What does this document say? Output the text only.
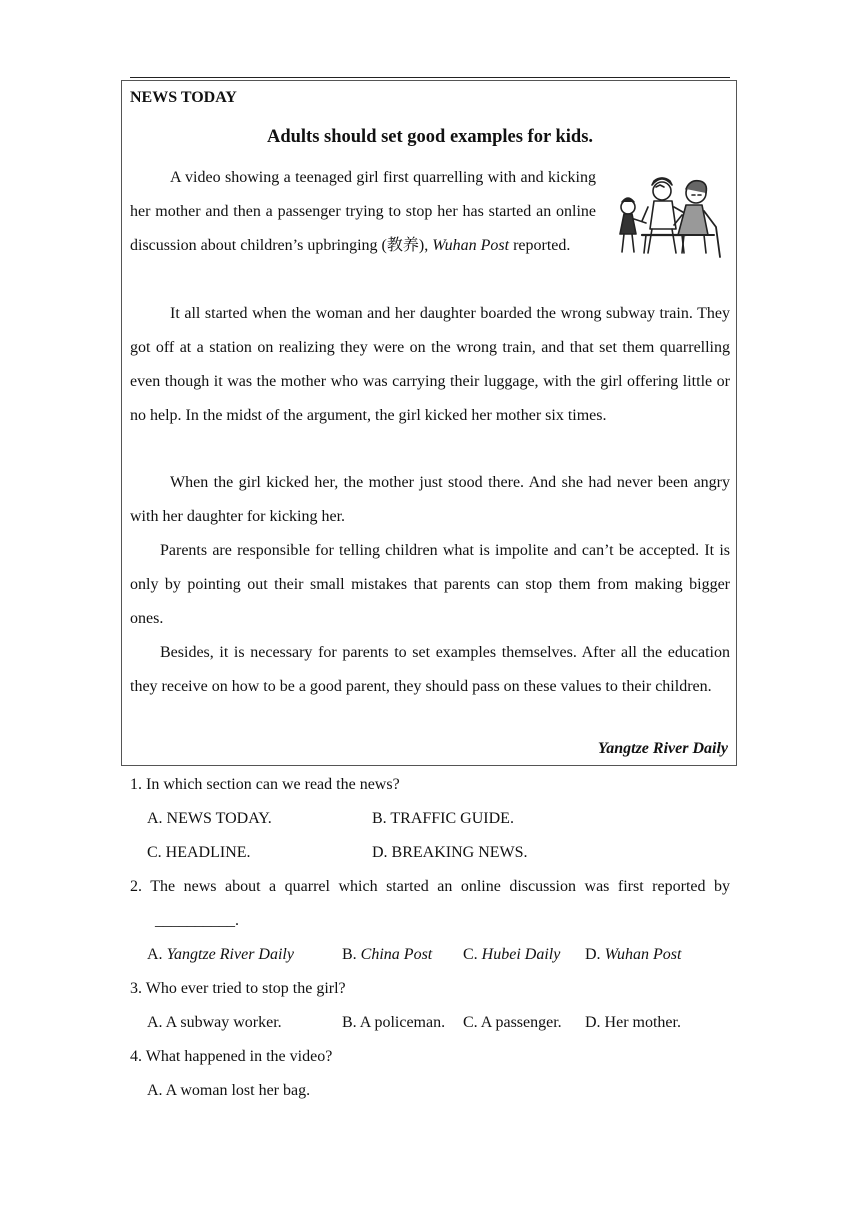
NEWS TODAY
Adults should set good examples for kids.

A video showing a teenaged girl first quarrelling with and kicking her mother and then a passenger trying to stop her has started an online discussion about children’s upbringing (教养), Wuhan Post reported.

It all started when the woman and her daughter boarded the wrong subway train. They got off at a station on realizing they were on the wrong train, and that set them quarrelling even though it was the mother who was carrying their luggage, with the girl offering little or no help. In the midst of the argument, the girl kicked her mother six times.

When the girl kicked her, the mother just stood there. And she had never been angry with her daughter for kicking her.

Parents are responsible for telling children what is impolite and can’t be accepted. It is only by pointing out their small mistakes that parents can stop them from making bigger ones.

Besides, it is necessary for parents to set examples themselves. After all the education they receive on how to be a good parent, they should pass on these values to their children.

Yangtze River Daily
1. In which section can we read the news?
A. NEWS TODAY.	B. TRAFFIC GUIDE.
C. HEADLINE.	D. BREAKING NEWS.
2. The news about a quarrel which started an online discussion was first reported by
__________.
A. Yangtze River Daily	B. China Post C. Hubei Daily D. Wuhan Post
3. Who ever tried to stop the girl?
A. A subway worker.	B. A policeman. C. A passenger. D. Her mother.
4. What happened in the video?
A. A woman lost her bag.
